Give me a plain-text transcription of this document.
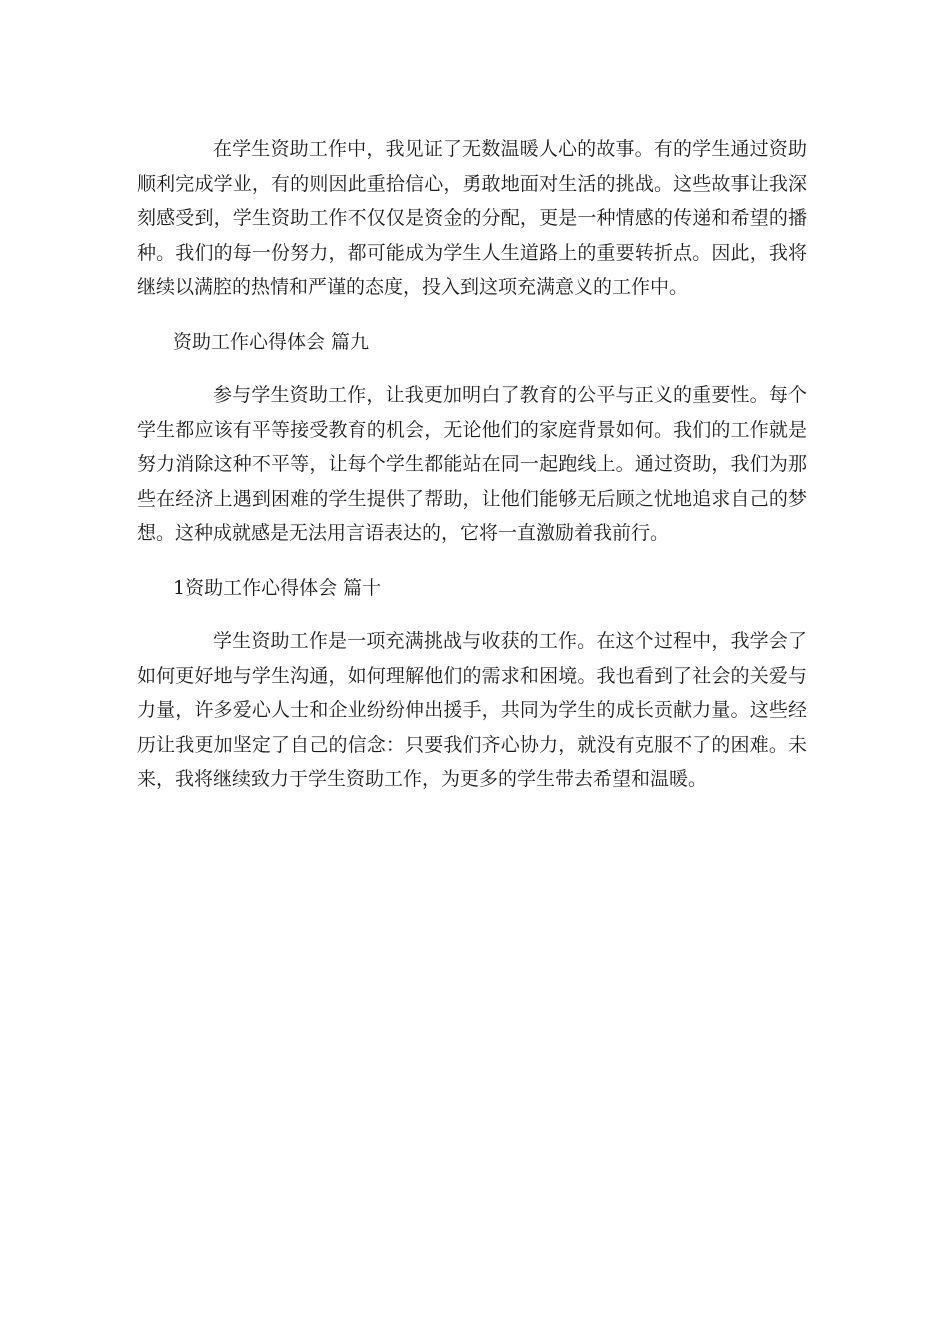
在学生资助工作中，我见证了无数温暖人心的故事。有的学生通过资助顺利完成学业，有的则因此重拾信心，勇敢地面对生活的挑战。这些故事让我深刻感受到，学生资助工作不仅仅是资金的分配，更是一种情感的传递和希望的播种。我们的每一份努力，都可能成为学生人生道路上的重要转折点。因此，我将继续以满腔的热情和严谨的态度，投入到这项充满意义的工作中。

资助工作心得体会 篇九

参与学生资助工作，让我更加明白了教育的公平与正义的重要性。每个学生都应该有平等接受教育的机会，无论他们的家庭背景如何。我们的工作就是努力消除这种不平等，让每个学生都能站在同一起跑线上。通过资助，我们为那些在经济上遇到困难的学生提供了帮助，让他们能够无后顾之忧地追求自己的梦想。这种成就感是无法用言语表达的，它将一直激励着我前行。

1资助工作心得体会 篇十

学生资助工作是一项充满挑战与收获的工作。在这个过程中，我学会了如何更好地与学生沟通，如何理解他们的需求和困境。我也看到了社会的关爱与力量，许多爱心人士和企业纷纷伸出援手，共同为学生的成长贡献力量。这些经历让我更加坚定了自己的信念：只要我们齐心协力，就没有克服不了的困难。未来，我将继续致力于学生资助工作，为更多的学生带去希望和温暖。
